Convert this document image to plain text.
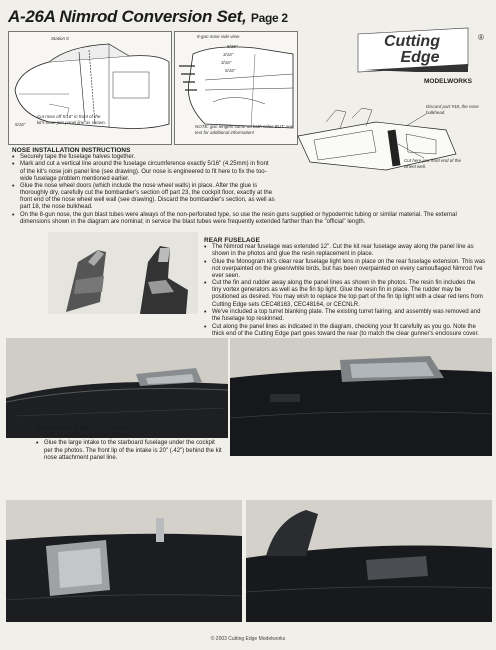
A-26A Nimrod Conversion Set, Page 2
Station 0
5/16"
Cut nose off 5/16" in front of the kit's nose join panel line as shown.
8-gun nose side view
5/16"
3/16"
3/16"
5/16"
NOTE: gun lengths same on both sides BUT: see text for additional information!
Cutting
Edge
®
MODELWORKS
Discard part #18, the nose bulkhead.
Cut here just front end of the wheel well.
NOSE INSTALLATION INSTRUCTIONS
• Securely tape the fuselage halves together.
• Mark and cut a vertical line around the fuselage circumference exactly 5/16" (4.25mm) in front of the kit's nose join panel line (see drawing). Our nose is engineered to fit here to fix the too-wide fuselage problem mentioned earlier.
• Glue the nose wheel doors (which include the nose wheel walls) in place. After the glue is thoroughly dry, carefully cut the bombardier's section off part 23, the cockpit floor, exactly at the front end of the nose wheel well wall (see drawing). Discard the bombardier's section, as well as part 18, the nose bulkhead.
• On the 8-gun nose, the gun blast tubes were always of the non-perforated type, so use the resin guns supplied or hypodermic tubing or similar material. The external dimensions shown in the diagram are nominal; in service the blast tubes were frequently extended farther than the "official" length.
REAR FUSELAGE
• The Nimrod rear fuselage was extended 12". Cut the kit rear fuselage away along the panel line as shown in the photos and glue the resin replacement in place.
• Glue the Monogram kit's clear rear fuselage light lens in place on the rear fuselage extension. This was not overpainted on the green/white birds, but has been overpainted on every camouflaged Nimrod I've ever seen.
• Cut the fin and rudder away along the panel lines as shown in the photos. The resin fin includes the tiny vortex generators as well as the fin tip light. Glue the resin fin in place. The rudder may be positioned as desired. You may wish to replace the top part of the fin tip light with a clear red lens from Cutting Edge sets CEC48163, CEC48164, or CECNLR.
• We've included a top turret blanking plate. The existing turret fairing, and assembly was removed and the fuselage top reskinned.
• Cut along the panel lines as indicated in the diagram, checking your fit carefully as you go. Note the thick end of the Cutting Edge part goes toward the rear (to match the clear gunner's enclosure cover.
ANTENNAS & MISCELLANEOUS
• Add all antennas per the photos.
• Glue the large intake to the starboard fuselage under the cockpit per the photos. The front lip of the intake is 20" (.42") behind the kit nose attachment panel line.
© 2003 Cutting Edge Modelworks
